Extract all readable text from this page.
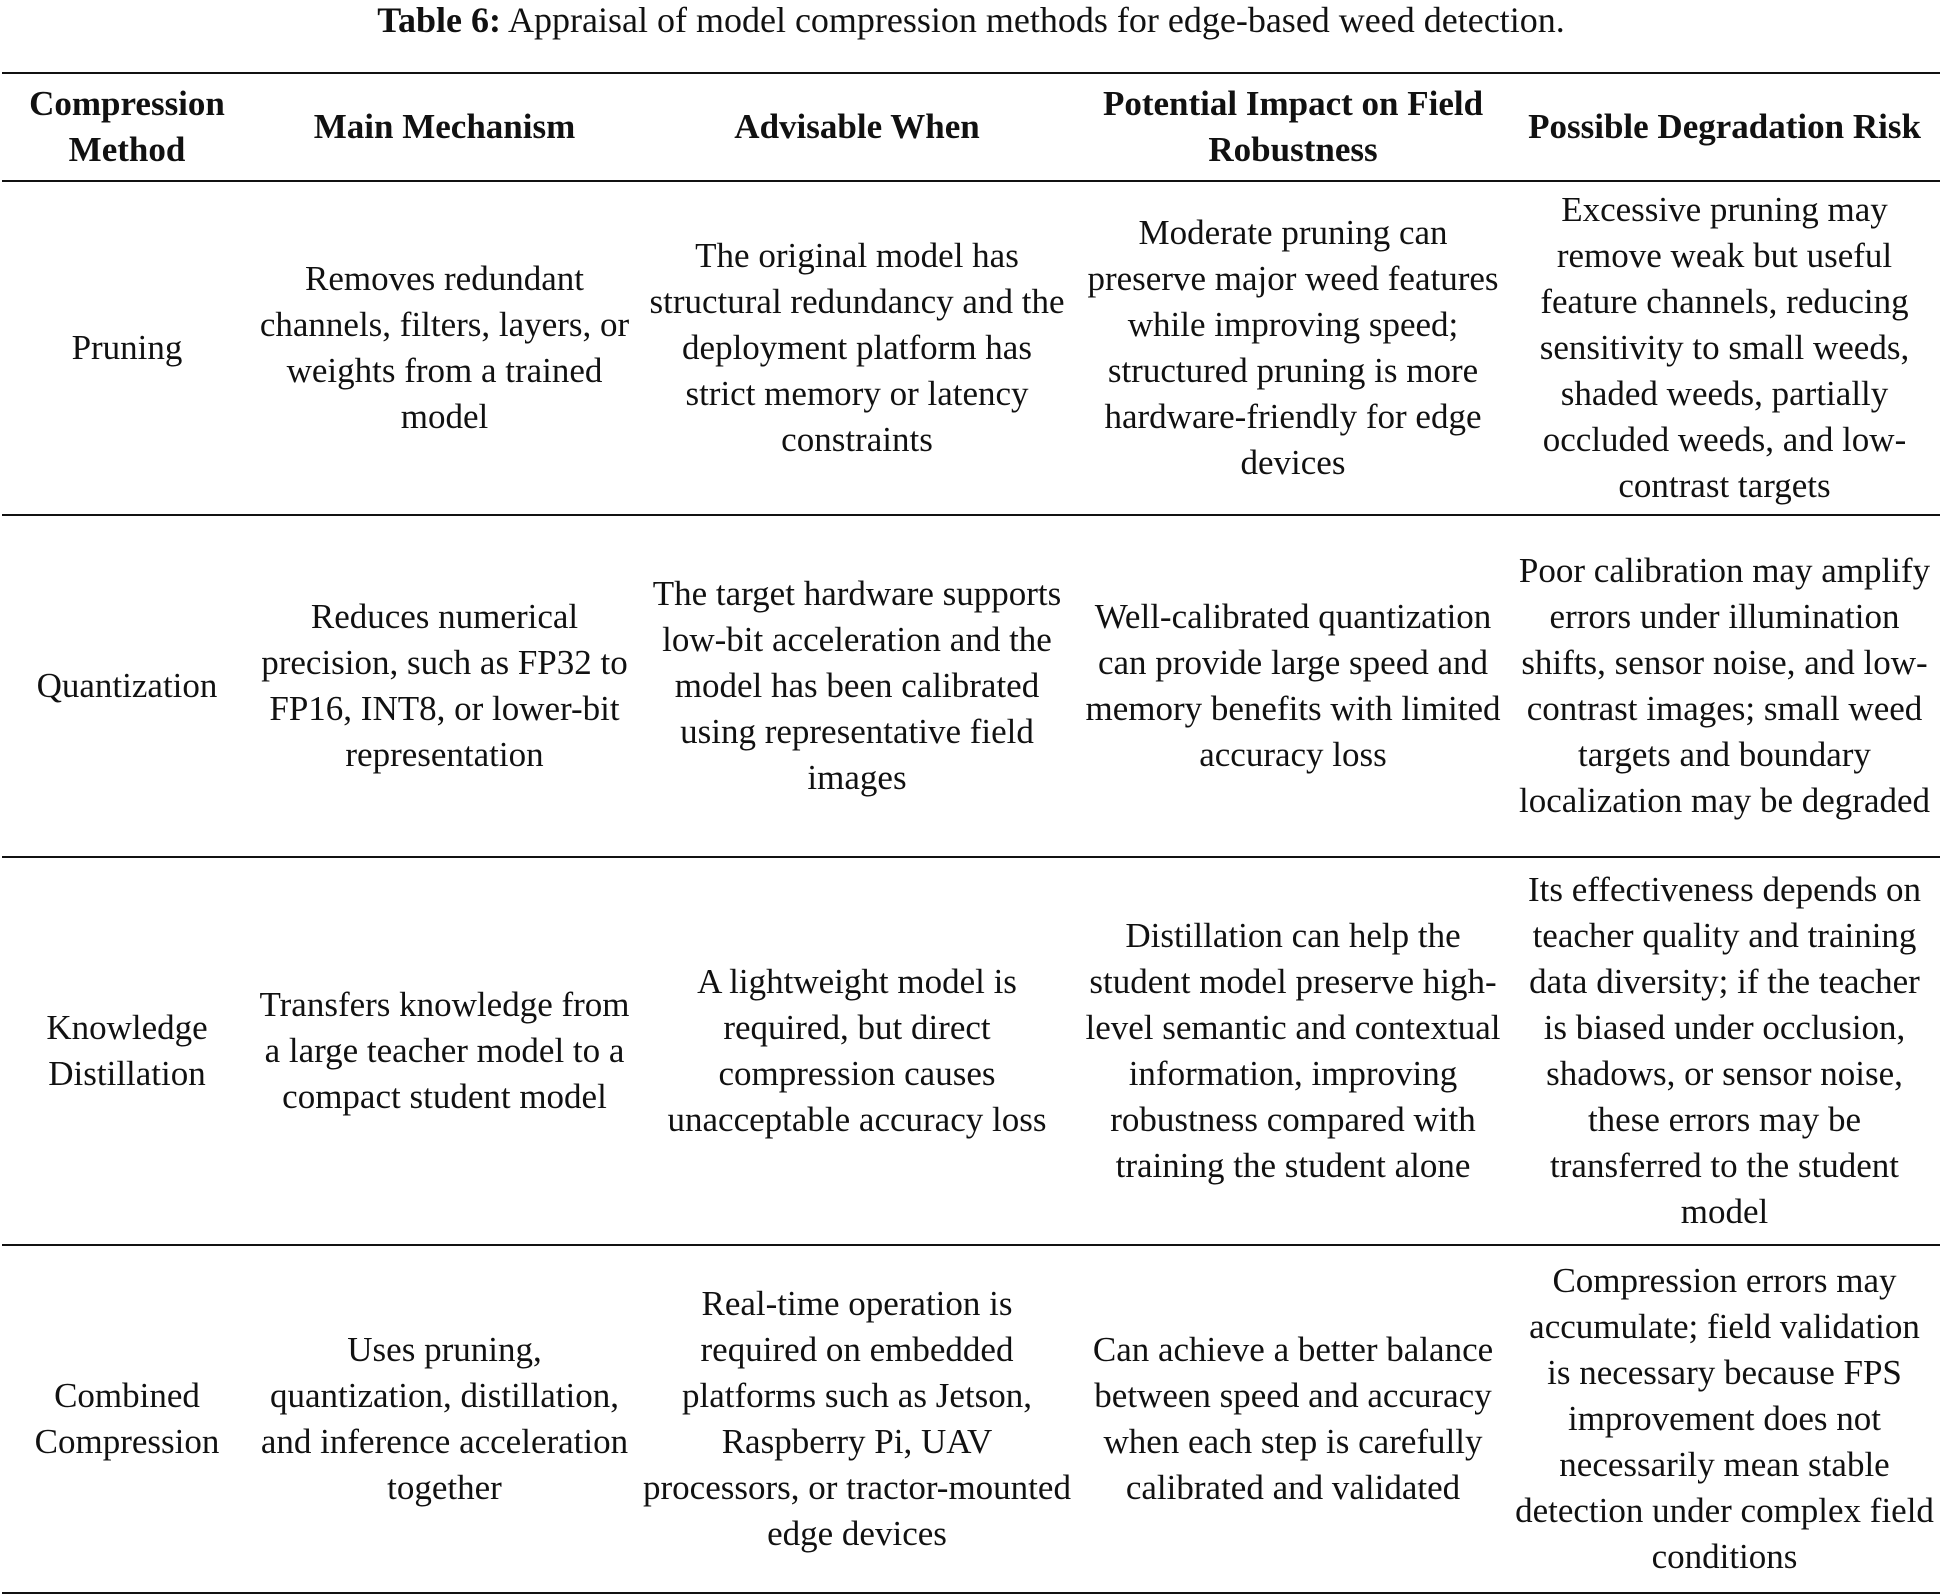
Table 6: Appraisal of model compression methods for edge-based weed detection.
Compression Method	Main Mechanism	Advisable When	Potential Impact on Field Robustness	Possible Degradation Risk
Pruning	Removes redundant channels, filters, layers, or weights from a trained model	The original model has structural redundancy and the deployment platform has strict memory or latency constraints	Moderate pruning can preserve major weed features while improving speed; structured pruning is more hardware-friendly for edge devices	Excessive pruning may remove weak but useful feature channels, reducing sensitivity to small weeds, shaded weeds, partially occluded weeds, and low-contrast targets
Quantization	Reduces numerical precision, such as FP32 to FP16, INT8, or lower-bit representation	The target hardware supports low-bit acceleration and the model has been calibrated using representative field images	Well-calibrated quantization can provide large speed and memory benefits with limited accuracy loss	Poor calibration may amplify errors under illumination shifts, sensor noise, and low-contrast images; small weed targets and boundary localization may be degraded
Knowledge Distillation	Transfers knowledge from a large teacher model to a compact student model	A lightweight model is required, but direct compression causes unacceptable accuracy loss	Distillation can help the student model preserve high-level semantic and contextual information, improving robustness compared with training the student alone	Its effectiveness depends on teacher quality and training data diversity; if the teacher is biased under occlusion, shadows, or sensor noise, these errors may be transferred to the student model
Combined Compression	Uses pruning, quantization, distillation, and inference acceleration together	Real-time operation is required on embedded platforms such as Jetson, Raspberry Pi, UAV processors, or tractor-mounted edge devices	Can achieve a better balance between speed and accuracy when each step is carefully calibrated and validated	Compression errors may accumulate; field validation is necessary because FPS improvement does not necessarily mean stable detection under complex field conditions
